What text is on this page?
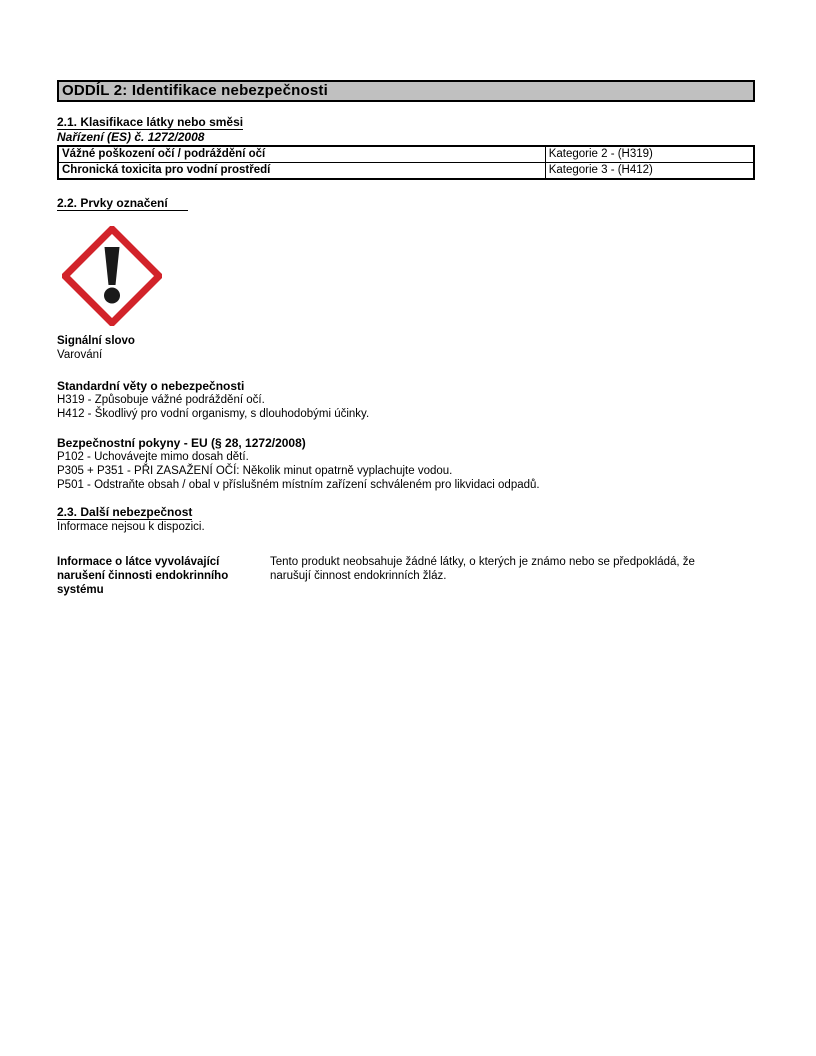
ODDÍL 2: Identifikace nebezpečnosti
2.1. Klasifikace látky nebo směsi
Nařízení (ES) č. 1272/2008
Vážné poškození očí / podráždění očí	Kategorie 2 - (H319)
Chronická toxicita pro vodní prostředí	Kategorie 3 - (H412)
2.2. Prvky označení
Signální slovo
Varování
Standardní věty o nebezpečnosti
H319 - Způsobuje vážné podráždění očí.
H412 - Škodlivý pro vodní organismy, s dlouhodobými účinky.
Bezpečnostní pokyny - EU (§ 28, 1272/2008)
P102 - Uchovávejte mimo dosah dětí.
P305 + P351 - PŘI ZASAŽENÍ OČÍ: Několik minut opatrně vyplachujte vodou.
P501 - Odstraňte obsah / obal v příslušném místním zařízení schváleném pro likvidaci odpadů.
2.3. Další nebezpečnost
Informace nejsou k dispozici.
Informace o látce vyvolávající narušení činnosti endokrinního systému
Tento produkt neobsahuje žádné látky, o kterých je známo nebo se předpokládá, že narušují činnost endokrinních žláz.
